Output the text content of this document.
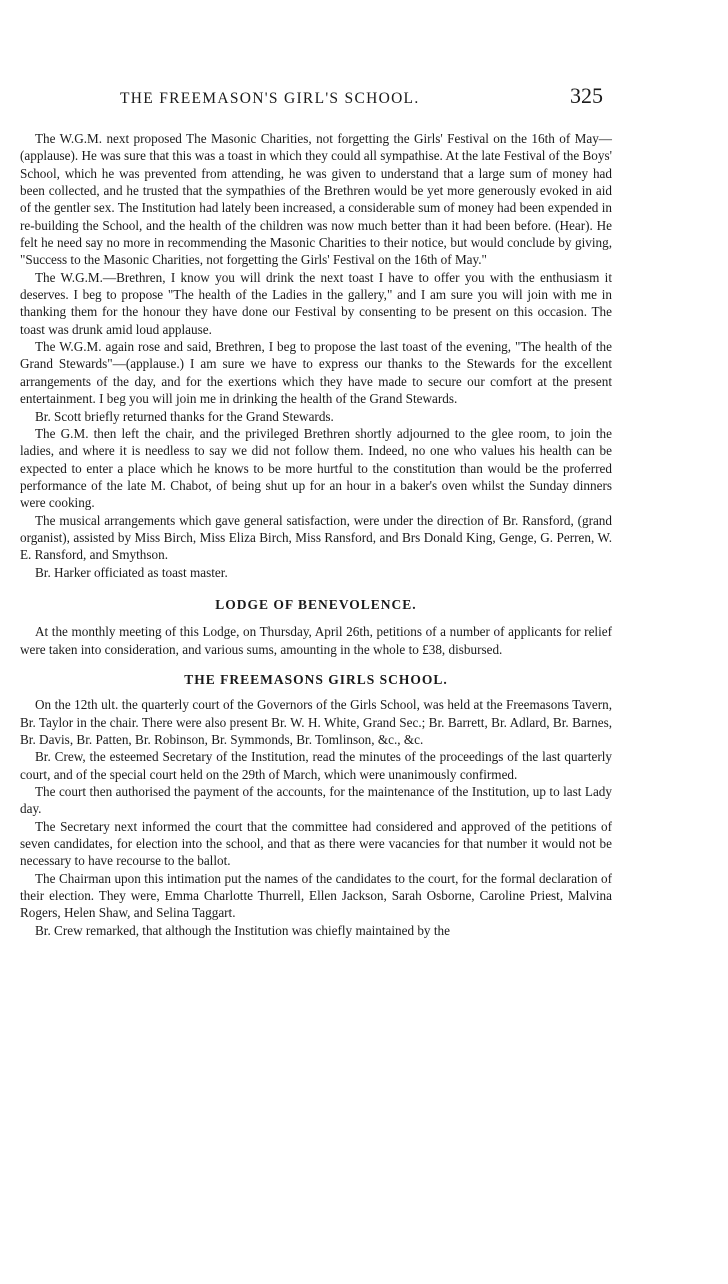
THE FREEMASON'S GIRL'S SCHOOL.	325

The W.G.M. next proposed The Masonic Charities, not forgetting the Girls' Festival on the 16th of May—(applause). He was sure that this was a toast in which they could all sympathise. At the late Festival of the Boys' School, which he was prevented from attending, he was given to understand that a large sum of money had been collected, and he trusted that the sympathies of the Brethren would be yet more generously evoked in aid of the gentler sex. The Institution had lately been increased, a considerable sum of money had been expended in re-building the School, and the health of the children was now much better than it had been before. (Hear). He felt he need say no more in recommending the Masonic Charities to their notice, but would conclude by giving, "Success to the Masonic Charities, not forgetting the Girls' Festival on the 16th of May."

The W.G.M.—Brethren, I know you will drink the next toast I have to offer you with the enthusiasm it deserves. I beg to propose "The health of the Ladies in the gallery," and I am sure you will join with me in thanking them for the honour they have done our Festival by consenting to be present on this occasion. The toast was drunk amid loud applause.

The W.G.M. again rose and said, Brethren, I beg to propose the last toast of the evening, "The health of the Grand Stewards"—(applause.) I am sure we have to express our thanks to the Stewards for the excellent arrangements of the day, and for the exertions which they have made to secure our comfort at the present entertainment. I beg you will join me in drinking the health of the Grand Stewards.

Br. Scott briefly returned thanks for the Grand Stewards.

The G.M. then left the chair, and the privileged Brethren shortly adjourned to the glee room, to join the ladies, and where it is needless to say we did not follow them. Indeed, no one who values his health can be expected to enter a place which he knows to be more hurtful to the constitution than would be the proferred performance of the late M. Chabot, of being shut up for an hour in a baker's oven whilst the Sunday dinners were cooking.

The musical arrangements which gave general satisfaction, were under the direction of Br. Ransford, (grand organist), assisted by Miss Birch, Miss Eliza Birch, Miss Ransford, and Brs Donald King, Genge, G. Perren, W. E. Ransford, and Smythson.

Br. Harker officiated as toast master.

LODGE OF BENEVOLENCE.

At the monthly meeting of this Lodge, on Thursday, April 26th, petitions of a number of applicants for relief were taken into consideration, and various sums, amounting in the whole to £38, disbursed.

THE FREEMASONS GIRLS SCHOOL.

On the 12th ult. the quarterly court of the Governors of the Girls School, was held at the Freemasons Tavern, Br. Taylor in the chair. There were also present Br. W. H. White, Grand Sec.; Br. Barrett, Br. Adlard, Br. Barnes, Br. Davis, Br. Patten, Br. Robinson, Br. Symmonds, Br. Tomlinson, &c., &c.

Br. Crew, the esteemed Secretary of the Institution, read the minutes of the proceedings of the last quarterly court, and of the special court held on the 29th of March, which were unanimously confirmed.

The court then authorised the payment of the accounts, for the maintenance of the Institution, up to last Lady day.

The Secretary next informed the court that the committee had considered and approved of the petitions of seven candidates, for election into the school, and that as there were vacancies for that number it would not be necessary to have recourse to the ballot.

The Chairman upon this intimation put the names of the candidates to the court, for the formal declaration of their election. They were, Emma Charlotte Thurrell, Ellen Jackson, Sarah Osborne, Caroline Priest, Malvina Rogers, Helen Shaw, and Selina Taggart.

Br. Crew remarked, that although the Institution was chiefly maintained by the
